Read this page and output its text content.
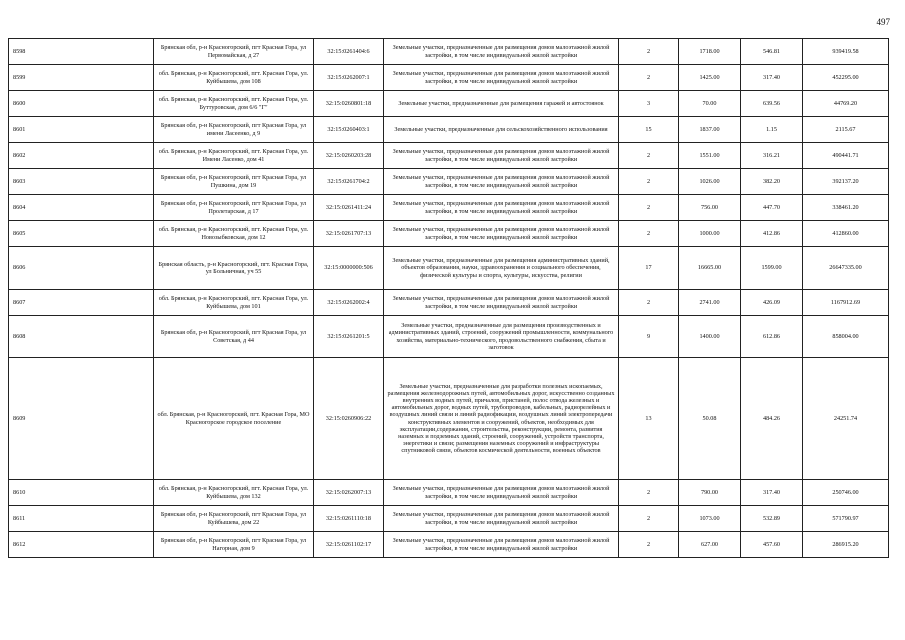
497
8598	Брянская обл, р-н Красногорский, пгт Красная Гора, ул Первомайская, д 27	32:15:0261404:6	Земельные участки, предназначенные для размещения домов малоэтажной жилой застройки, в том числе индивидуальной жилой застройки	2	1718.00	546.81	939419.58
8599	обл. Брянская, р-н Красногорский, пгт. Красная Гора, ул. Куйбышева, дом 108	32:15:0262007:1	Земельные участки, предназначенные для размещения домов малоэтажной жилой застройки, в том числе индивидуальной жилой застройки	2	1425.00	317.40	452295.00
8600	обл. Брянская, р-н Красногорский, пгт. Красная Гора, ул. Буттуровская, дом 6/6 "Г"	32:15:0260801:18	Земельные участки, предназначенные для размещения гаражей и автостоянок	3	70.00	639.56	44769.20
8601	Брянская обл, р-н Красногорский, пгт Красная Гора, ул имени Ласеенко, д 9	32:15:0260403:1	Земельные участки, предназначенные для сельскохозяйственного использования	15	1837.00	1.15	2115.67
8602	обл. Брянская, р-н Красногорский, пгт. Красная Гора, ул. Имени Ласенко, дом 41	32:15:0260203:28	Земельные участки, предназначенные для размещения домов малоэтажной жилой застройки, в том числе индивидуальной жилой застройки	2	1551.00	316.21	490441.71
8603	Брянская обл, р-н Красногорский, пгт Красная Гора, ул Пушкина, дом 19	32:15:0261704:2	Земельные участки, предназначенные для размещения домов малоэтажной жилой застройки, в том числе индивидуальной жилой застройки	2	1026.00	382.20	392137.20
8604	Брянская обл, р-н Красногорский, пгт Красная Гора, ул Пролетарская, д 17	32:15:0261411:24	Земельные участки, предназначенные для размещения домов малоэтажной жилой застройки, в том числе индивидуальной жилой застройки	2	756.00	447.70	338461.20
8605	обл. Брянская, р-н Красногорский, пгт. Красная Гора, ул. Новозыбковская, дом 12	32:15:0261707:13	Земельные участки, предназначенные для размещения домов малоэтажной жилой застройки, в том числе индивидуальной жилой застройки	2	1000.00	412.86	412860.00
8606	Брянская область, р-н Красногорский, пгт. Красная Гора, ул Больничная, уч 55	32:15:0000000:506	Земельные участки, предназначенные для размещения административных зданий, объектов образования, науки, здравоохранения и социального обеспечения, физической культуры и спорта, культуры, искусства, религии	17	16665.00	1599.00	26647335.00
8607	обл. Брянская, р-н Красногорский, пгт. Красная Гора, ул. Куйбышева, дом 101	32:15:0262002:4	Земельные участки, предназначенные для размещения домов малоэтажной жилой застройки, в том числе индивидуальной жилой застройки	2	2741.00	426.09	1167912.69
8608	Брянская обл, р-н Красногорский, пгт Красная Гора, ул Советская, д 44	32:15:0261201:5	Земельные участки, предназначенные для размещения производственных и административных зданий, строений, сооружений промышленности, коммунального хозяйства, материально-технического, продовольственного снабжения, сбыта и заготовок	9	1400.00	612.86	858004.00
8609	обл. Брянская, р-н Красногорский, пгт. Красная Гора, МО Красногорское городское поселение	32:15:0260906:22	Земельные участки, предназначенные для разработки полезных ископаемых, размещения железнодорожных путей, автомобильных дорог, искусственно созданных внутренних водных путей, причалов, пристаней, полос отвода железных и автомобильных дорог, водных путей, трубопроводов, кабельных, радиорелейных и воздушных линий связи и линий радиофикации, воздушных линий электропередачи конструктивных элементов и сооружений, объектов, необходимых для эксплуатации,содержания, строительства, реконструкции, ремонта, развития наземных и подземных зданий, строений, сооружений, устройств транспорта, энергетики и связи; размещения наземных сооружений и инфраструктуры спутниковой связи, объектов космической деятельности, военных объектов	13	50.08	484.26	24251.74
8610	обл. Брянская, р-н Красногорский, пгт. Красная Гора, ул. Куйбышева, дом 132	32:15:0262007:13	Земельные участки, предназначенные для размещения домов малоэтажной жилой застройки, в том числе индивидуальной жилой застройки	2	790.00	317.40	250746.00
8611	Брянская обл, р-н Красногорский, пгт Красная Гора, ул Куйбышева, дом 22	32:15:0261110:18	Земельные участки, предназначенные для размещения домов малоэтажной жилой застройки, в том числе индивидуальной жилой застройки	2	1073.00	532.89	571790.97
8612	Брянская обл, р-н Красногорский, пгт Красная Гора, ул Нагорная, дом 9	32:15:0261102:17	Земельные участки, предназначенные для размещения домов малоэтажной жилой застройки, в том числе индивидуальной жилой застройки	2	627.00	457.60	286915.20
